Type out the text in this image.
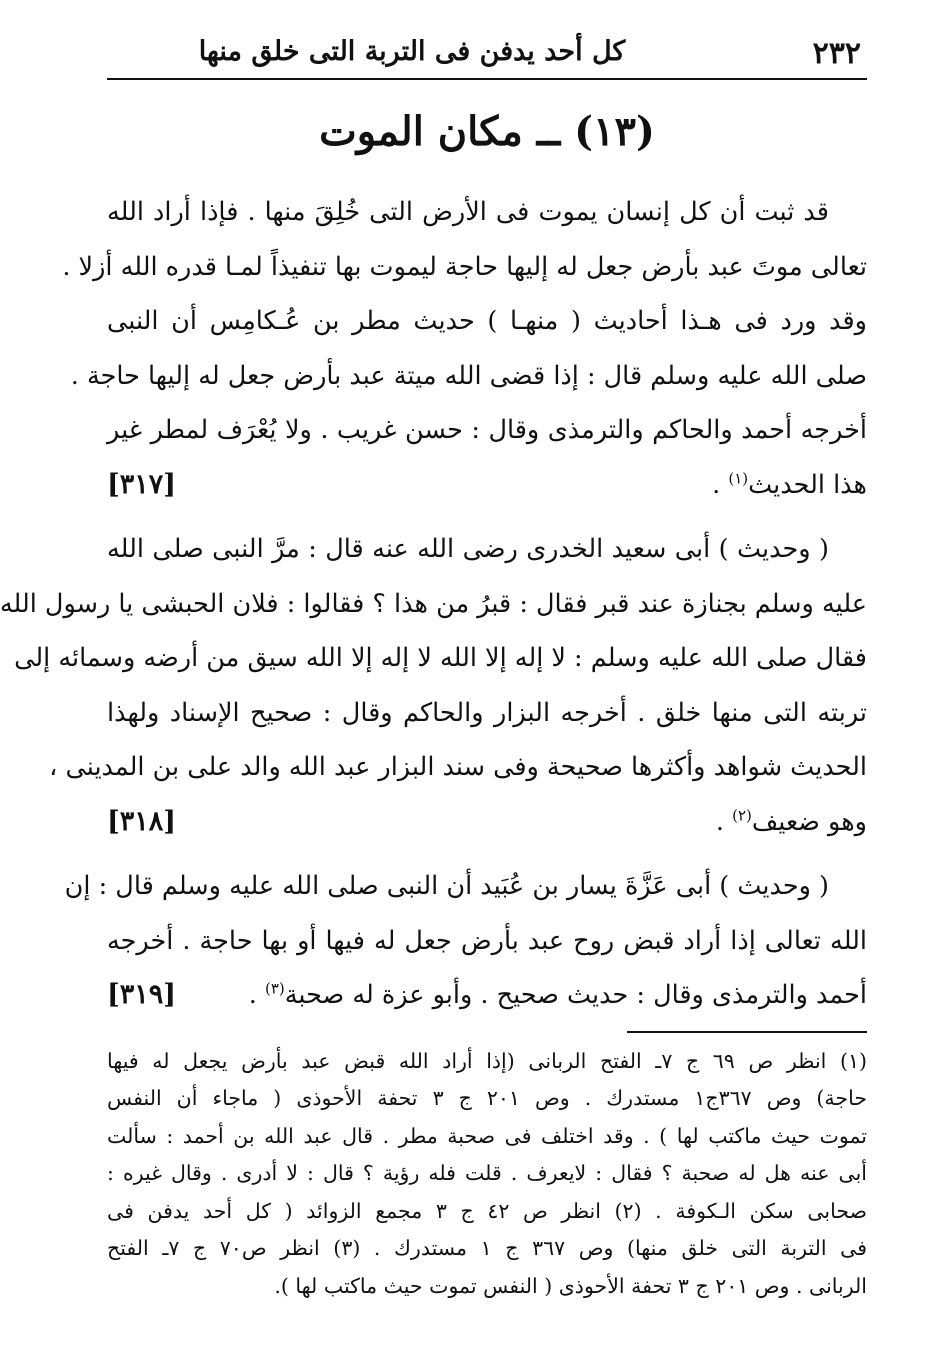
٢٣٢
كل أحد يدفن فى التربة التى خلق منها
(١٣) ــ مكان الموت

قد ثبت أن كل إنسان يموت فى الأرض التى خُلِقَ منها . فإذا أراد الله
تعالى موتَ عبد بأرض جعل له إليها حاجة ليموت بها تنفيذاً لمـا قدره الله أزلا .
وقد ورد فى هـذا أحاديث ( منهـا ) حديث مطر بن عُـكامِس أن النبى
صلى الله عليه وسلم قال : إذا قضى الله ميتة عبد بأرض جعل له إليها حاجة .
أخرجه أحمد والحاكم والترمذى وقال : حسن غريب . ولا يُعْرَف لمطر غير
هذا الحديث$^{(١)}$ .
[٣١٧]

( وحديث ) أبى سعيد الخدرى رضى الله عنه قال : مرَّ النبى صلى الله
عليه وسلم بجنازة عند قبر فقال : قبرُ من هذا ؟ فقالوا : فلان الحبشى يا رسول الله
فقال صلى الله عليه وسلم : لا إله إلا الله لا إله إلا الله سيق من أرضه وسمائه إلى
تربته التى منها خلق . أخرجه البزار والحاكم وقال : صحيح الإسناد ولهذا
الحديث شواهد وأكثرها صحيحة وفى سند البزار عبد الله والد على بن المدينى ،
وهو ضعيف$^{(٢)}$ .
[٣١٨]

( وحديث ) أبى عَزَّةَ يسار بن عُبَيد أن النبى صلى الله عليه وسلم قال : إن
الله تعالى إذا أراد قبض روح عبد بأرض جعل له فيها أو بها حاجة . أخرجه
أحمد والترمذى وقال : حديث صحيح . وأبو عزة له صحبة$^{(٣)}$ .
[٣١٩]

(١) انظر ص ٦٩ ج ٧ـ الفتح الربانى (إذا أراد الله قبض عبد بأرض يجعل له فيها
حاجة) وص ٣٦٧ج١ مستدرك . وص ٢٠١ ج ٣ تحفة الأحوذى ( ماجاء أن النفس
تموت حيث ماكتب لها ) . وقد اختلف فى صحبة مطر . قال عبد الله بن أحمد : سألت
أبى عنه هل له صحبة ؟ فقال : لايعرف . قلت فله رؤية ؟ قال : لا أدرى . وقال غيره :
صحابى سكن الـكوفة . (٢) انظر ص ٤٢ ج ٣ مجمع الزوائد ( كل أحد يدفن فى
فى التربة التى خلق منها) وص ٣٦٧ ج ١ مستدرك . (٣) انظر ص٧٠ ج ٧ـ الفتح
الربانى . وص ٢٠١ ج ٣ تحفة الأحوذى ( النفس تموت حيث ماكتب لها ).
